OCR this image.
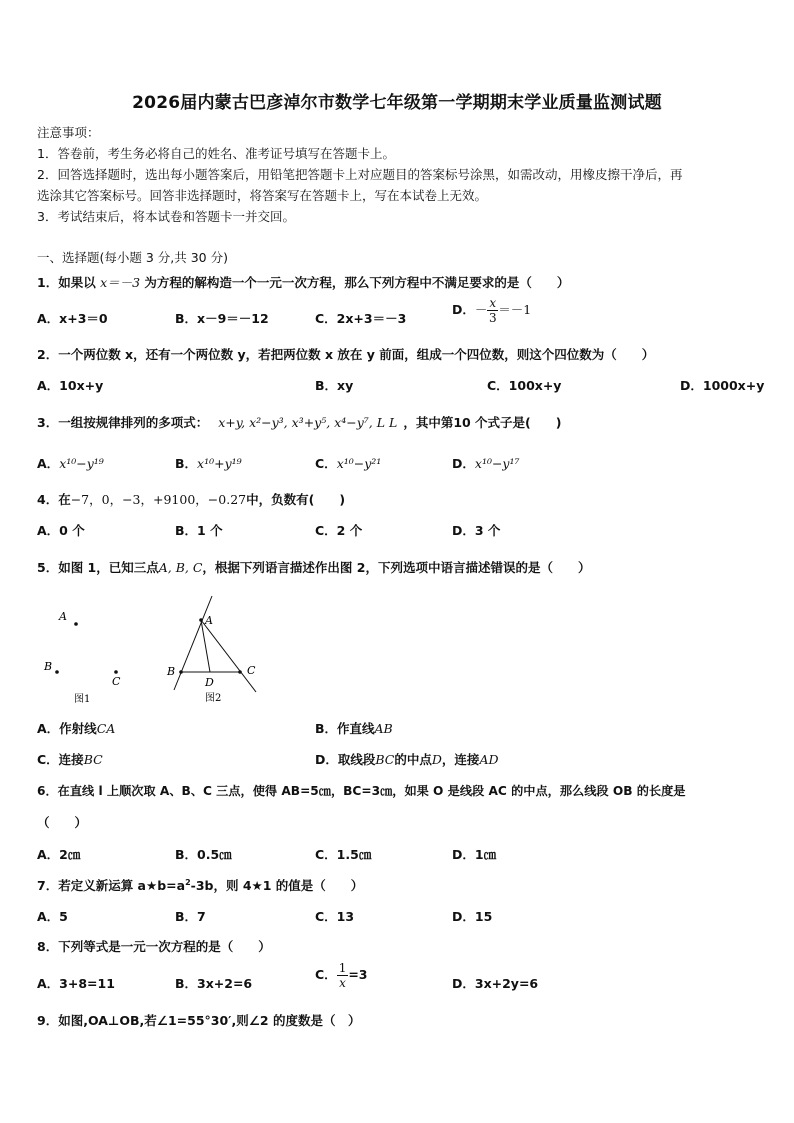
2026届内蒙古巴彦淖尔市数学七年级第一学期期末学业质量监测试题
注意事项：
1．答卷前，考生务必将自己的姓名、准考证号填写在答题卡上。
2．回答选择题时，选出每小题答案后，用铅笔把答题卡上对应题目的答案标号涂黑，如需改动，用橡皮擦干净后，再
选涂其它答案标号。回答非选择题时，将答案写在答题卡上，写在本试卷上无效。
3．考试结束后，将本试卷和答题卡一并交回。
一、选择题(每小题 3 分,共 30 分)
1．如果以 x＝－3 为方程的解构造一个一元一次方程，那么下列方程中不满足要求的是（　　）
A．x+3＝0	B．x－9＝－12	C．2x+3＝－3
D．－ $\frac{x}{3} =-1$
2．一个两位数 x，还有一个两位数 y，若把两位数 x 放在 y 前面，组成一个四位数，则这个四位数为（　　）
A．10x+y	B．xy	C．100x+y	D．1000x+y
3．一组按规律排列的多项式： x+y, x²−y³, x³+y⁵, x⁴−y⁷, L L ，其中第10 个式子是(　　)
A．x¹⁰−y¹⁹	B．x¹⁰+y¹⁹	C．x¹⁰−y²¹	D．x¹⁰−y¹⁷
4．在−7，0，−3，+9100，−0.27中，负数有(　　)
A．0 个	B．1 个	C．2 个	D．3 个
5．如图 1，已知三点A, B, C，根据下列语言描述作出图 2，下列选项中语言描述错误的是（　　）
A
B
C
图1
A
B	C
D
图2
A．作射线CA	B．作直线AB
C．连接BC	D．取线段BC的中点D，连接AD
6．在直线 l 上顺次取 A、B、C 三点，使得 AB=5㎝，BC=3㎝，如果 O 是线段 AC 的中点，那么线段 OB 的长度是
（　　）
A．2㎝	B．0.5㎝	C．1.5㎝	D．1㎝
7．若定义新运算 $a★b=a^2-3b$，则 4★1 的值是（　　）
A．5	B．7	C．13	D．15
8．下列等式是一元一次方程的是（　　）
A．3+8=11	B．3x+2=6
C． $\frac{1}{x} =3$
D．3x+2y=6
9．如图,OA⊥OB,若∠1=55°30′,则∠2 的度数是（　）
